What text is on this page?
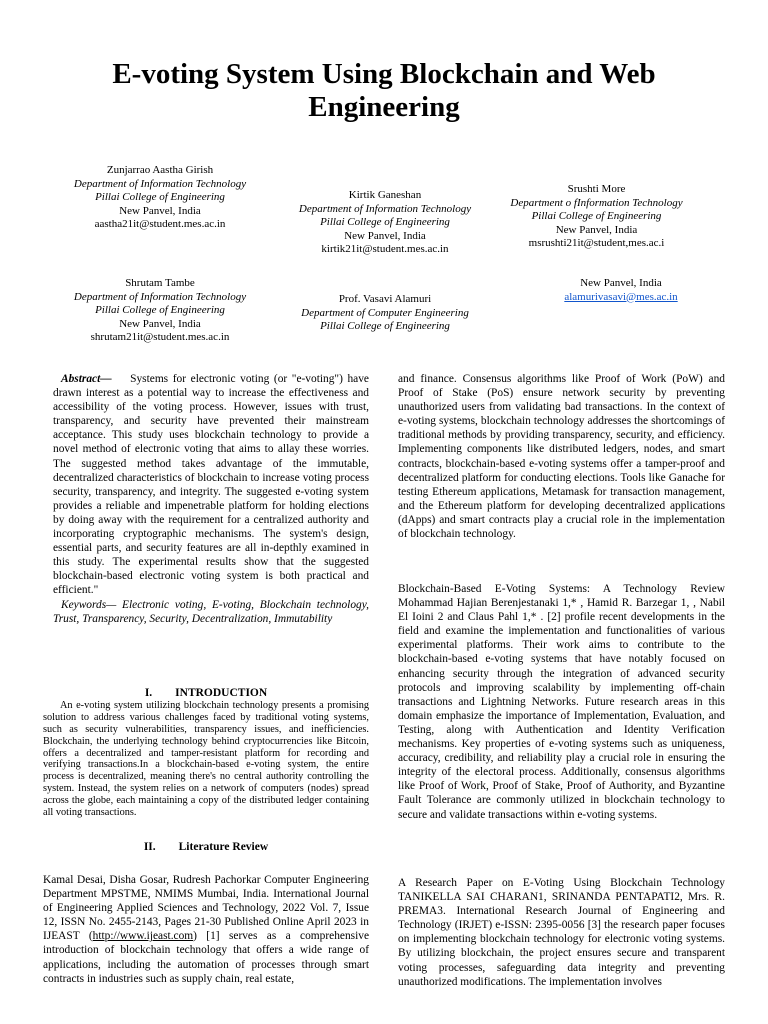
E-voting System Using Blockchain and Web Engineering
Zunjarrao Aastha Girish
Department of Information Technology
Pillai College of Engineering
New Panvel, India
aastha21it@student.mes.ac.in
Kirtik Ganeshan
Department of Information Technology
Pillai College of Engineering
New Panvel, India
kirtik21it@student.mes.ac.in
Srushti More
Department o fInformation Technology
Pillai College of Engineering
New Panvel, India
msrushti21it@student,mes.ac.i
Shrutam Tambe
Department of Information Technology
Pillai College of Engineering
New Panvel, India
shrutam21it@student.mes.ac.in
Prof. Vasavi Alamuri
Department of Computer Engineering
Pillai College of Engineering
New Panvel, India
alamurivasavi@mes.ac.in

Abstract— Systems for electronic voting (or "e-voting") have drawn interest as a potential way to increase the effectiveness and accessibility of the voting process. However, issues with trust, transparency, and security have prevented their mainstream acceptance. This study uses blockchain technology to provide a novel method of electronic voting that aims to allay these worries. The suggested method takes advantage of the immutable, decentralized characteristics of blockchain to increase voting process security, transparency, and integrity. The suggested e-voting system provides a reliable and impenetrable platform for holding elections by doing away with the requirement for a centralized authority and incorporating cryptographic mechanisms. The system's design, essential parts, and security features are all in-depthly examined in this study. The experimental results show that the suggested blockchain-based electronic voting system is both practical and efficient."

Keywords— Electronic voting, E-voting, Blockchain technology, Trust, Transparency, Security, Decentralization, Immutability

I. INTRODUCTION

An e-voting system utilizing blockchain technology presents a promising solution to address various challenges faced by traditional voting systems, such as security vulnerabilities, transparency issues, and inefficiencies. Blockchain, the underlying technology behind cryptocurrencies like Bitcoin, offers a decentralized and tamper-resistant platform for recording and verifying transactions.In a blockchain-based e-voting system, the entire process is decentralized, meaning there's no central authority controlling the system. Instead, the system relies on a network of computers (nodes) spread across the globe, each maintaining a copy of the distributed ledger containing all voting transactions.

II. Literature Review

Kamal Desai, Disha Gosar, Rudresh Pachorkar Computer Engineering Department MPSTME, NMIMS Mumbai, India. International Journal of Engineering Applied Sciences and Technology, 2022 Vol. 7, Issue 12, ISSN No. 2455-2143, Pages 21-30 Published Online April 2023 in IJEAST (http://www.ijeast.com) [1] serves as a comprehensive introduction of blockchain technology that offers a wide range of applications, including the automation of processes through smart contracts in industries such as supply chain, real estate,

and finance. Consensus algorithms like Proof of Work (PoW) and Proof of Stake (PoS) ensure network security by preventing unauthorized users from validating bad transactions. In the context of e-voting systems, blockchain technology addresses the shortcomings of traditional methods by providing transparency, security, and efficiency. Implementing components like distributed ledgers, nodes, and smart contracts, blockchain-based e-voting systems offer a tamper-proof and decentralized platform for conducting elections. Tools like Ganache for testing Ethereum applications, Metamask for transaction management, and the Ethereum platform for developing decentralized applications (dApps) and smart contracts play a crucial role in the implementation of blockchain technology.

Blockchain-Based E-Voting Systems: A Technology Review Mohammad Hajian Berenjestanaki 1,* , Hamid R. Barzegar 1, , Nabil El Ioini 2 and Claus Pahl 1,* . [2] profile recent developments in the field and examine the implementation and functionalities of various experimental platforms. Their work aims to contribute to the blockchain-based e-voting systems that have notably focused on enhancing security through the integration of advanced security protocols and improving scalability by implementing off-chain transactions and Lightning Networks. Future research areas in this domain emphasize the importance of Implementation, Evaluation, and Testing, along with Authentication and Identity Verification mechanisms. Key properties of e-voting systems such as uniqueness, accuracy, credibility, and reliability play a crucial role in ensuring the integrity of the electoral process. Additionally, consensus algorithms like Proof of Work, Proof of Stake, Proof of Authority, and Byzantine Fault Tolerance are commonly utilized in blockchain technology to secure and validate transactions within e-voting systems.

A Research Paper on E-Voting Using Blockchain Technology TANIKELLA SAI CHARAN1, SRINANDA PENTAPATI2, Mrs. R. PREMA3. International Research Journal of Engineering and Technology (IRJET) e-ISSN: 2395-0056 [3] the research paper focuses on implementing blockchain technology for electronic voting systems. By utilizing blockchain, the project ensures secure and transparent voting processes, safeguarding data integrity and preventing unauthorized modifications. The implementation involves
